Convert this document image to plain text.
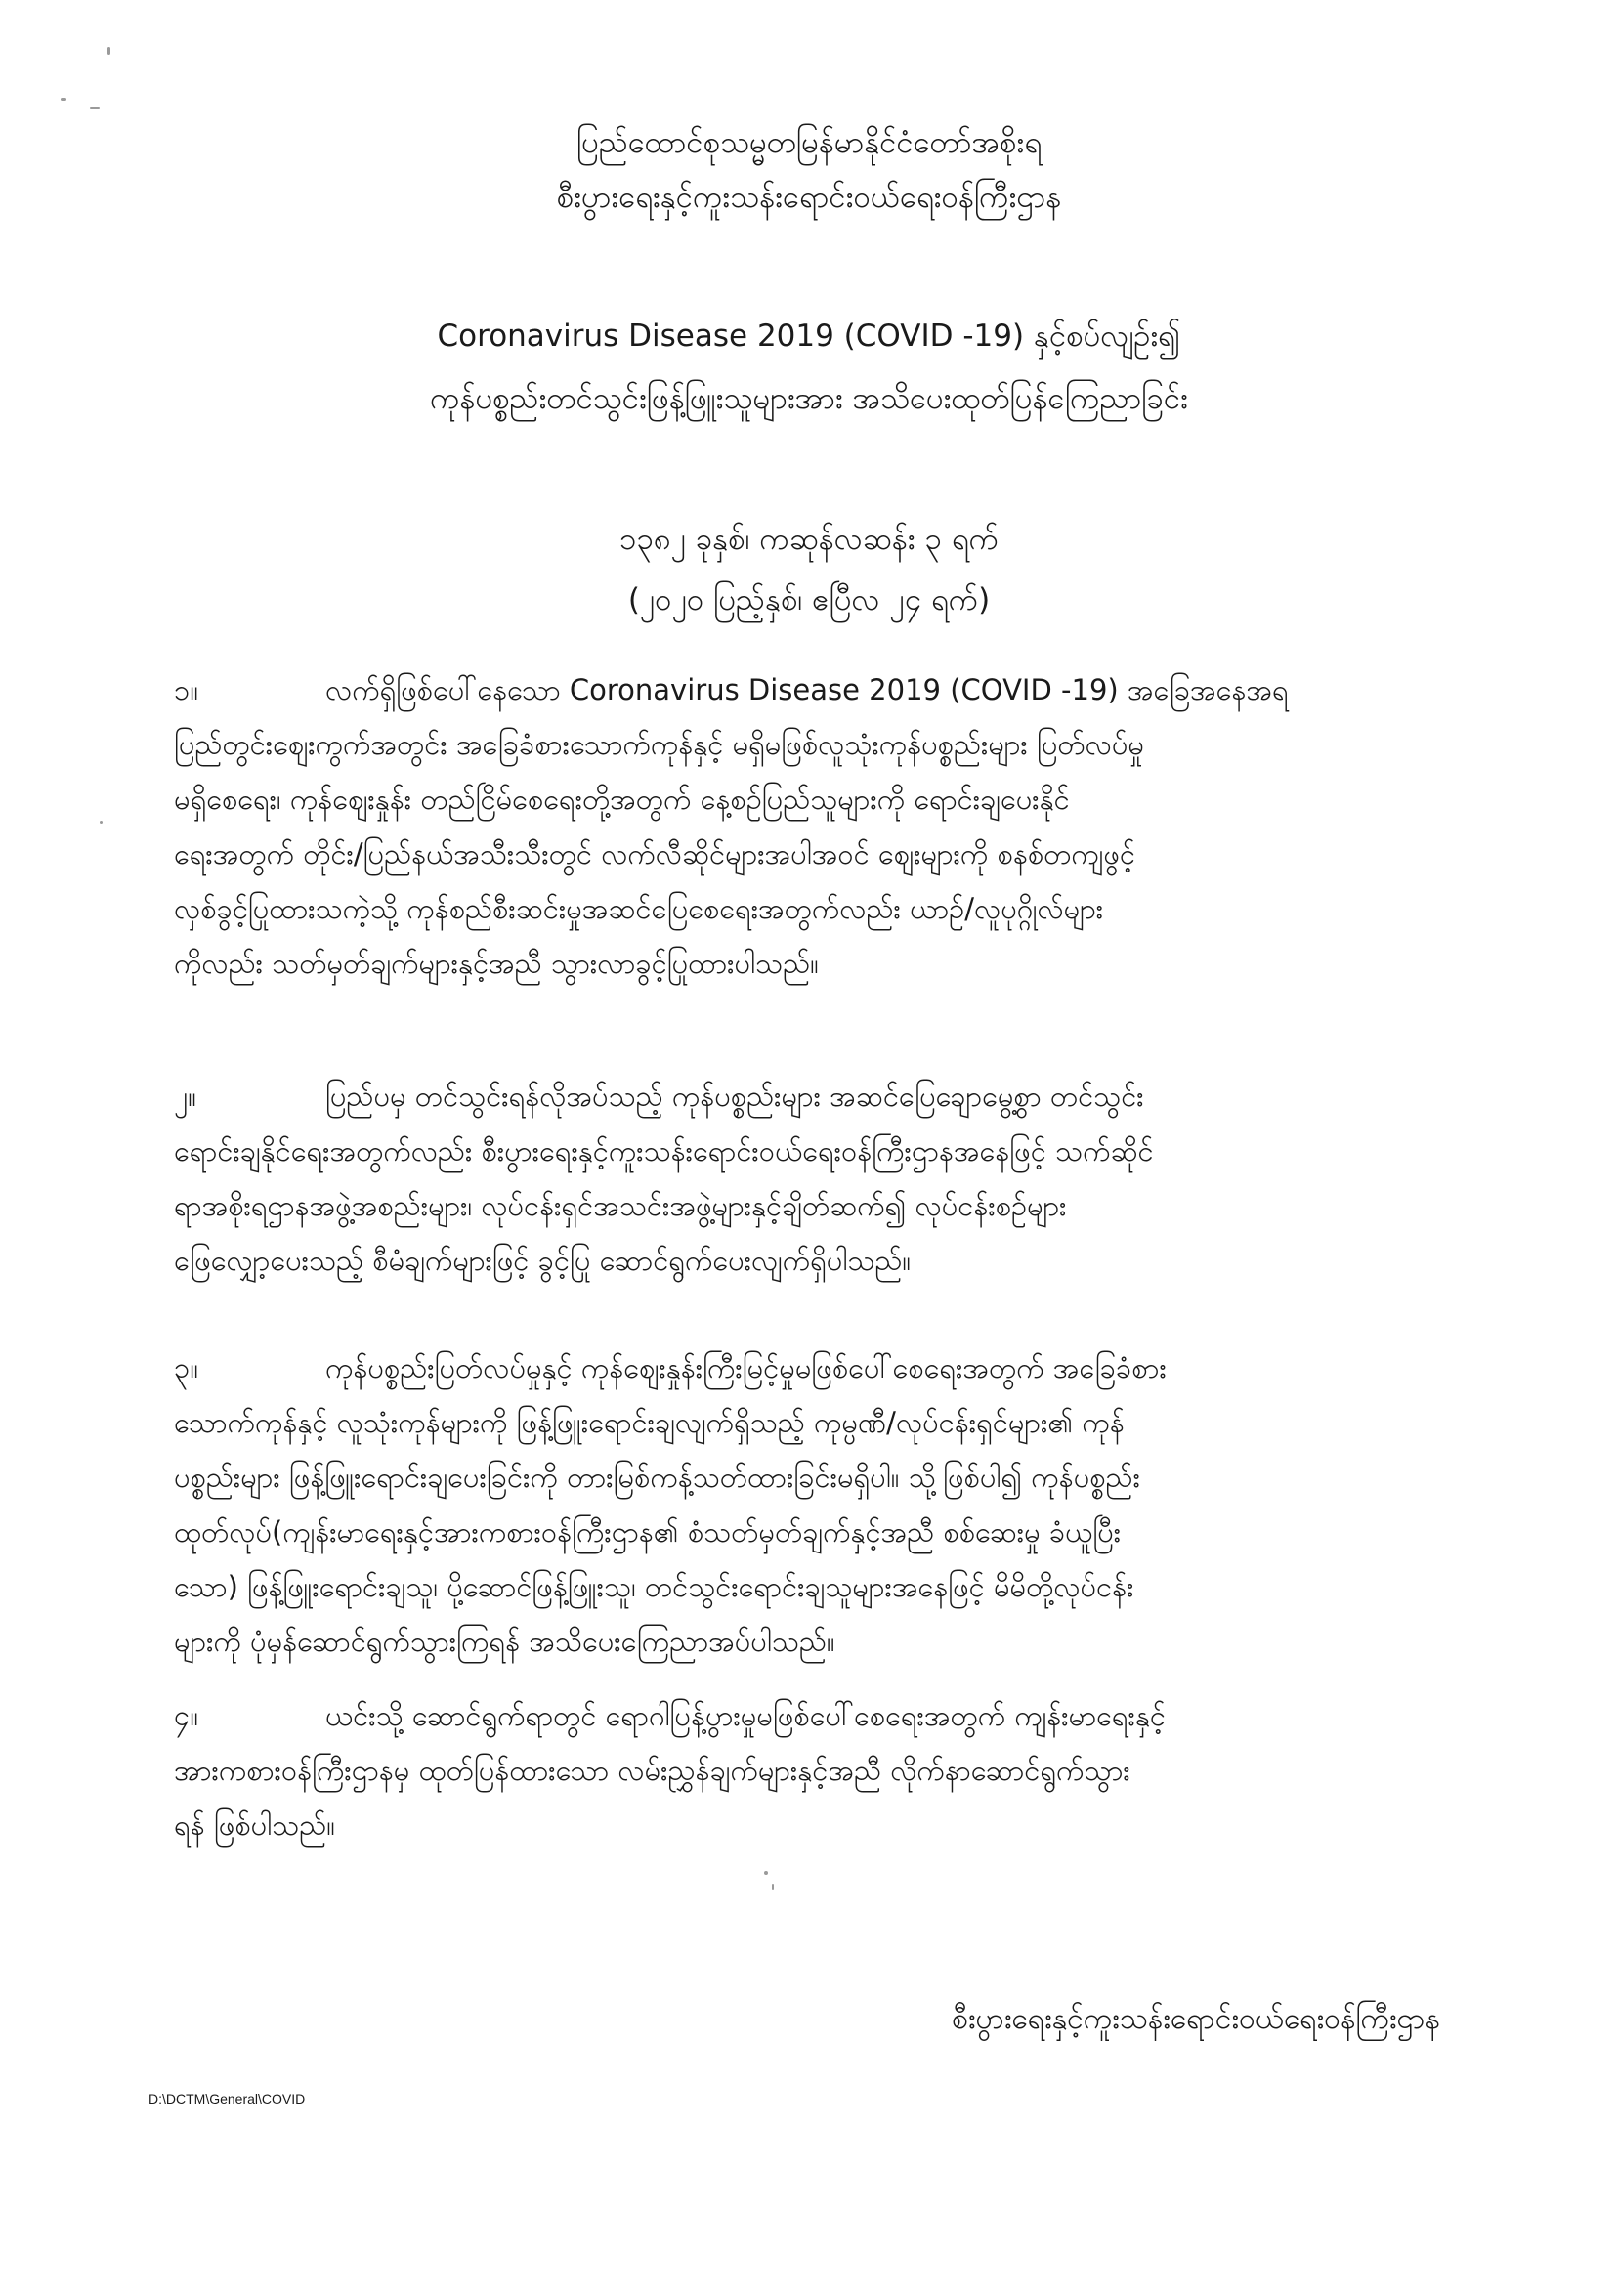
ပြည်ထောင်စုသမ္မတမြန်မာနိုင်ငံတော်အစိုးရ
စီးပွားရေးနှင့်ကူးသန်းရောင်းဝယ်ရေးဝန်ကြီးဌာန
Coronavirus Disease 2019 (COVID -19) နှင့်စပ်လျဉ်း၍
ကုန်ပစ္စည်းတင်သွင်းဖြန့်ဖြူးသူများအား အသိပေးထုတ်ပြန်ကြေညာခြင်း
၁၃၈၂ ခုနှစ်၊ ကဆုန်လဆန်း ၃ ရက်
(၂၀၂၀ ပြည့်နှစ်၊ ဧပြီလ ၂၄ ရက်)
၁။	လက်ရှိဖြစ်ပေါ်နေသော Coronavirus Disease 2019 (COVID -19) အခြေအနေအရ
ပြည်တွင်းဈေးကွက်အတွင်း အခြေခံစားသောက်ကုန်နှင့် မရှိမဖြစ်လူသုံးကုန်ပစ္စည်းများ ပြတ်လပ်မှု
မရှိစေရေး၊ ကုန်ဈေးနှုန်း တည်ငြိမ်စေရေးတို့အတွက် နေ့စဉ်ပြည်သူများကို ရောင်းချပေးနိုင်
ရေးအတွက် တိုင်း/ပြည်နယ်အသီးသီးတွင် လက်လီဆိုင်များအပါအဝင် ဈေးများကို စနစ်တကျဖွင့်
လှစ်ခွင့်ပြုထားသကဲ့သို့ ကုန်စည်စီးဆင်းမှုအဆင်ပြေစေရေးအတွက်လည်း ယာဉ်/လူပုဂ္ဂိုလ်များ
ကိုလည်း သတ်မှတ်ချက်များနှင့်အညီ သွားလာခွင့်ပြုထားပါသည်။
၂။	ပြည်ပမှ တင်သွင်းရန်လိုအပ်သည့် ကုန်ပစ္စည်းများ အဆင်ပြေချောမွေ့စွာ တင်သွင်း
ရောင်းချနိုင်ရေးအတွက်လည်း စီးပွားရေးနှင့်ကူးသန်းရောင်းဝယ်ရေးဝန်ကြီးဌာနအနေဖြင့် သက်ဆိုင်
ရာအစိုးရဌာနအဖွဲ့အစည်းများ၊ လုပ်ငန်းရှင်အသင်းအဖွဲ့များနှင့်ချိတ်ဆက်၍ လုပ်ငန်းစဉ်များ
ဖြေလျှော့ပေးသည့် စီမံချက်များဖြင့် ခွင့်ပြု ဆောင်ရွက်ပေးလျက်ရှိပါသည်။
၃။	ကုန်ပစ္စည်းပြတ်လပ်မှုနှင့် ကုန်ဈေးနှုန်းကြီးမြင့်မှုမဖြစ်ပေါ်စေရေးအတွက် အခြေခံစား
သောက်ကုန်နှင့် လူသုံးကုန်များကို ဖြန့်ဖြူးရောင်းချလျက်ရှိသည့် ကုမ္ပဏီ/လုပ်ငန်းရှင်များ၏ ကုန်
ပစ္စည်းများ ဖြန့်ဖြူးရောင်းချပေးခြင်းကို တားမြစ်ကန့်သတ်ထားခြင်းမရှိပါ။ သို့ဖြစ်ပါ၍ ကုန်ပစ္စည်း
ထုတ်လုပ်(ကျန်းမာရေးနှင့်အားကစားဝန်ကြီးဌာန၏ စံသတ်မှတ်ချက်နှင့်အညီ စစ်ဆေးမှု ခံယူပြီး
သော) ဖြန့်ဖြူးရောင်းချသူ၊ ပို့ဆောင်ဖြန့်ဖြူးသူ၊ တင်သွင်းရောင်းချသူများအနေဖြင့် မိမိတို့လုပ်ငန်း
များကို ပုံမှန်ဆောင်ရွက်သွားကြရန် အသိပေးကြေညာအပ်ပါသည်။
၄။	ယင်းသို့ ဆောင်ရွက်ရာတွင် ရောဂါပြန့်ပွားမှုမဖြစ်ပေါ်စေရေးအတွက် ကျန်းမာရေးနှင့်
အားကစားဝန်ကြီးဌာနမှ ထုတ်ပြန်ထားသော လမ်းညွှန်ချက်များနှင့်အညီ လိုက်နာဆောင်ရွက်သွား
ရန် ဖြစ်ပါသည်။
စီးပွားရေးနှင့်ကူးသန်းရောင်းဝယ်ရေးဝန်ကြီးဌာန
D:\DCTM\General\COVID
